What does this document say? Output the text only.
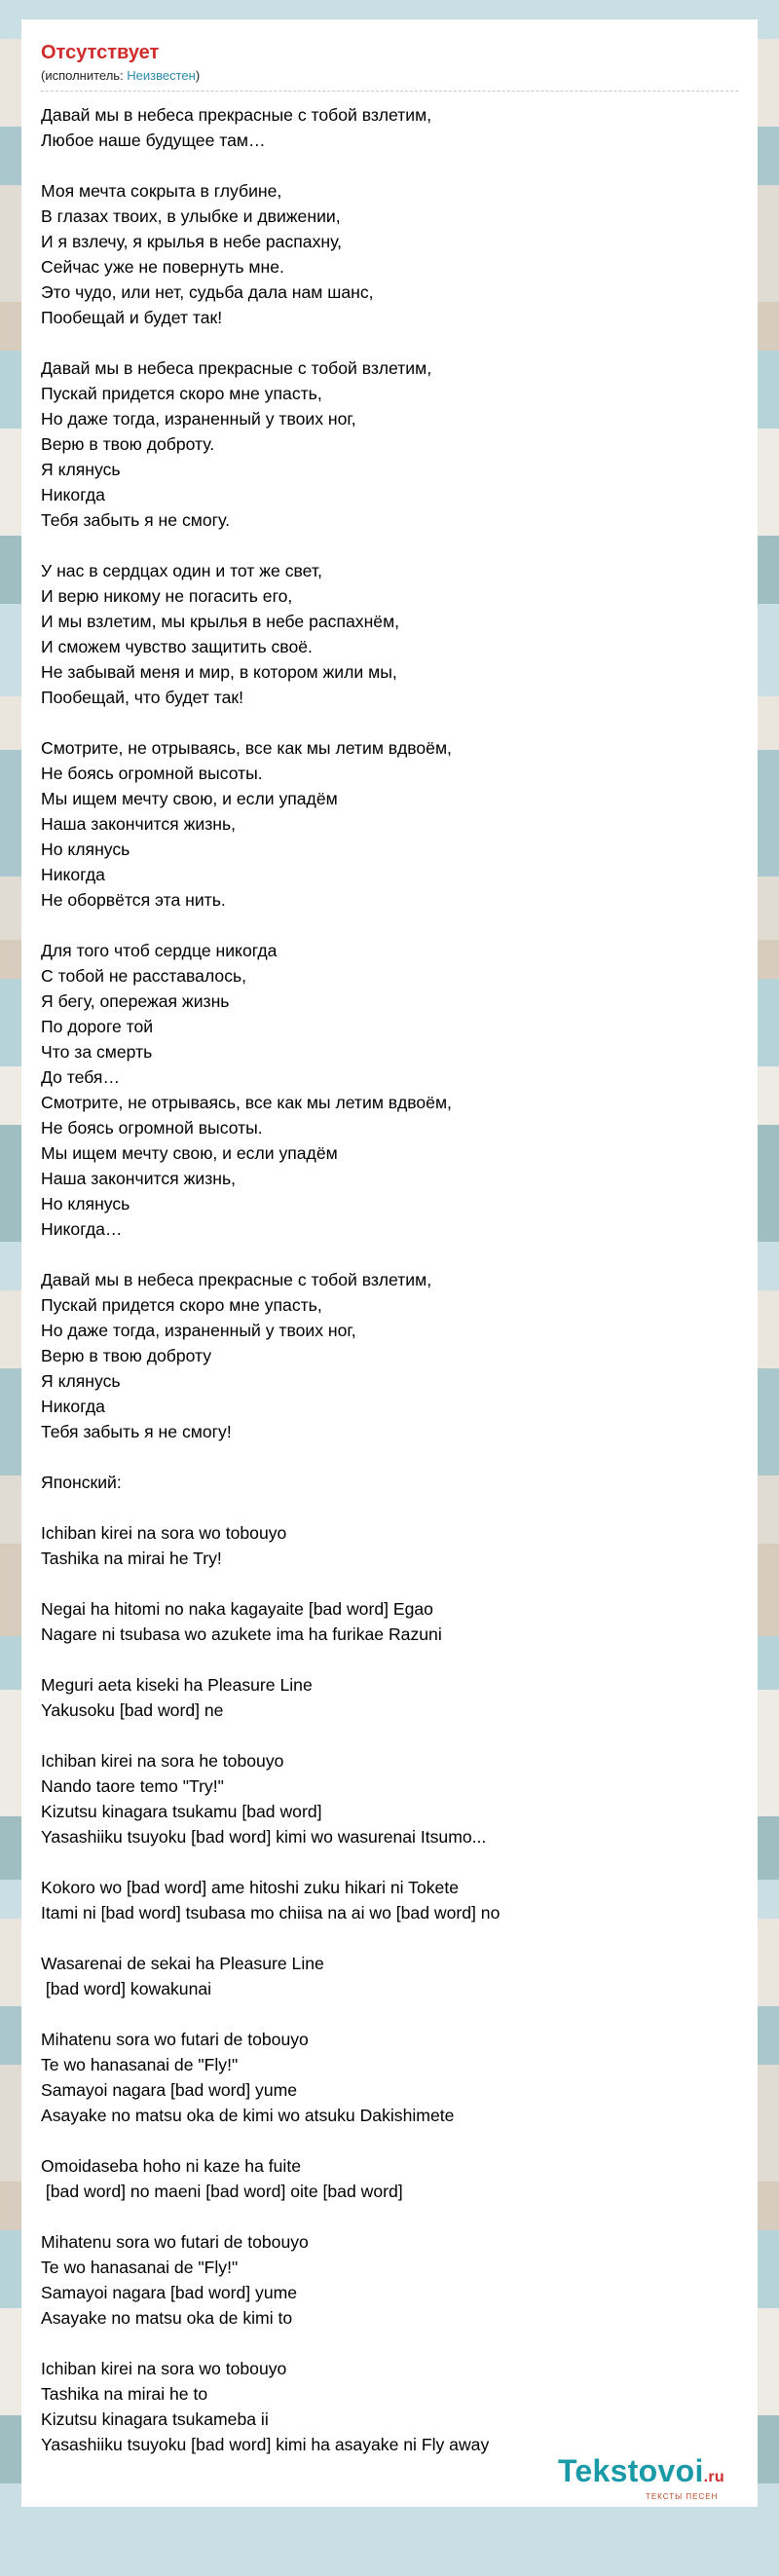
Отсутствует
(исполнитель: Неизвестен)
Давай мы в небеса прекрасные с тобой взлетим,
Любое наше будущее там…
Моя мечта сокрыта в глубине,
В глазах твоих, в улыбке и движении,
И я взлечу, я крылья в небе распахну,
Сейчас уже не повернуть мне.
Это чудо, или нет, судьба дала нам шанс,
Пообещай и будет так!
Давай мы в небеса прекрасные с тобой взлетим,
Пускай придется скоро мне упасть,
Но даже тогда, израненный у твоих ног,
Верю в твою доброту.
Я клянусь
Никогда
Тебя забыть я не смогу.
У нас в сердцах один и тот же свет,
И верю никому не погасить его,
И мы взлетим, мы крылья в небе распахнём,
И сможем чувство защитить своё.
Не забывай меня и мир, в котором жили мы,
Пообещай, что будет так!
Смотрите, не отрываясь, все как мы летим вдвоём,
Не боясь огромной высоты.
Мы ищем мечту свою, и если упадём
Наша закончится жизнь,
Но клянусь
Никогда
Не оборвётся эта нить.
Для того чтоб сердце никогда
С тобой не расставалось,
Я бегу, опережая жизнь
По дороге той
Что за смерть
До тебя…
Смотрите, не отрываясь, все как мы летим вдвоём,
Не боясь огромной высоты.
Мы ищем мечту свою, и если упадём
Наша закончится жизнь,
Но клянусь
Никогда…
Давай мы в небеса прекрасные с тобой взлетим,
Пускай придется скоро мне упасть,
Но даже тогда, израненный у твоих ног,
Верю в твою доброту
Я клянусь
Никогда
Тебя забыть я не смогу!
Японский:
Ichiban kirei na sora wo tobouyo
Tashika na mirai he Try!
Negai ha hitomi no naka kagayaite [bad word] Egao
Nagare ni tsubasa wo azukete ima ha furikae Razuni
Meguri aeta kiseki ha Pleasure Line
Yakusoku [bad word] ne
Ichiban kirei na sora he tobouyo
Nando taore temo "Try!"
Kizutsu kinagara tsukamu [bad word]
Yasashiiku tsuyoku [bad word] kimi wo wasurenai Itsumo...
Kokoro wo [bad word] ame hitoshi zuku hikari ni Tokete
Itami ni [bad word] tsubasa mo chiisa na ai wo [bad word] no
Wasarenai de sekai ha Pleasure Line
[bad word] kowakunai
Mihatenu sora wo futari de tobouyo
Te wo hanasanai de "Fly!"
Samayoi nagara [bad word] yume
Asayake no matsu oka de kimi wo atsuku Dakishimete
Omoidaseba hoho ni kaze ha fuite
[bad word] no maeni [bad word] oite [bad word]
Mihatenu sora wo futari de tobouyo
Te wo hanasanai de "Fly!"
Samayoi nagara [bad word] yume
Asayake no matsu oka de kimi to
Ichiban kirei na sora wo tobouyo
Tashika na mirai he to
Kizutsu kinagara tsukameba ii
Yasashiiku tsuyoku [bad word] kimi ha asayake ni Fly away
Tekstovoi.ru
ТЕКСТЫ ПЕСЕН
